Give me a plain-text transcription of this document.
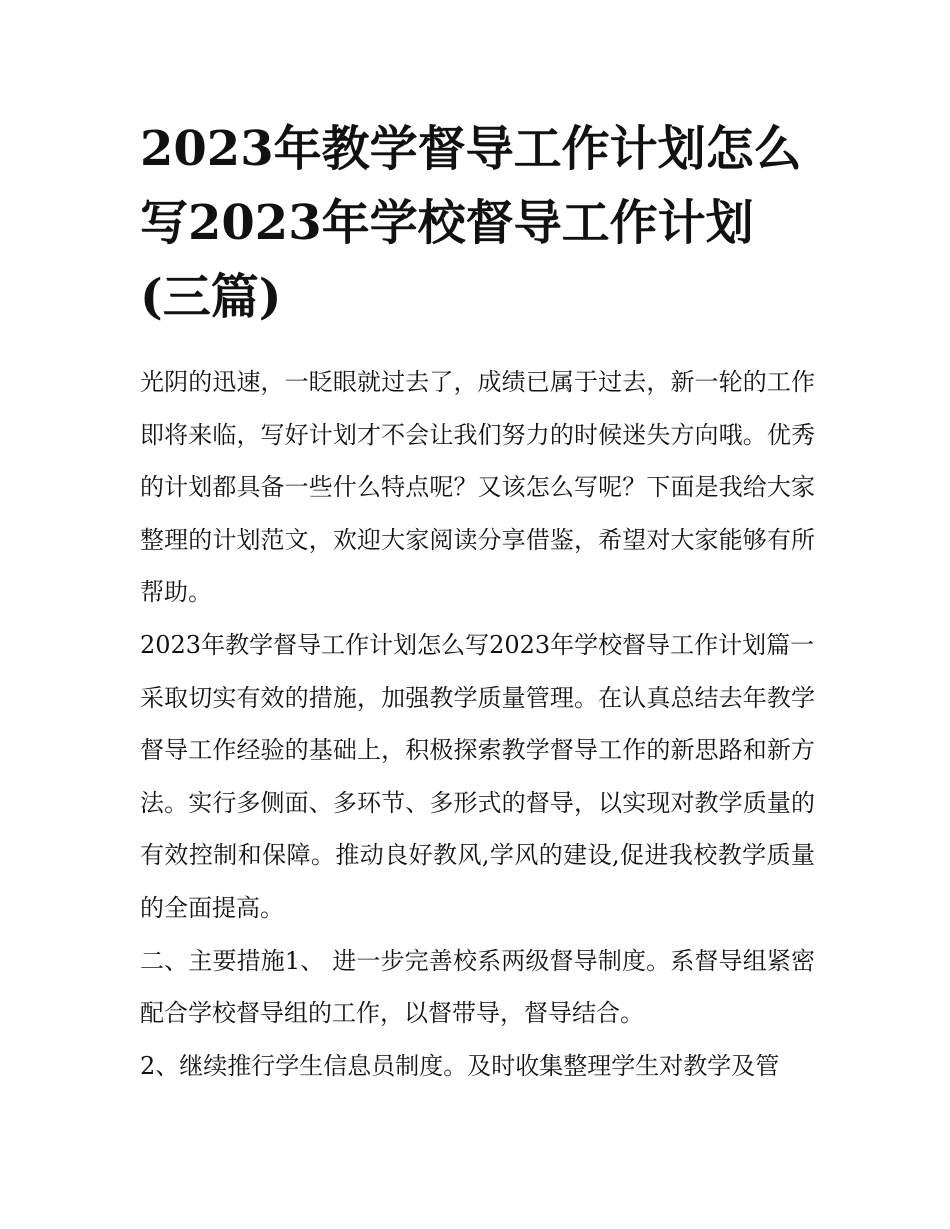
2023年教学督导工作计划怎么写2023年学校督导工作计划(三篇)

光阴的迅速，一眨眼就过去了，成绩已属于过去，新一轮的工作即将来临，写好计划才不会让我们努力的时候迷失方向哦。优秀的计划都具备一些什么特点呢？又该怎么写呢？下面是我给大家整理的计划范文，欢迎大家阅读分享借鉴，希望对大家能够有所帮助。

2023年教学督导工作计划怎么写2023年学校督导工作计划篇一

采取切实有效的措施，加强教学质量管理。在认真总结去年教学督导工作经验的基础上，积极探索教学督导工作的新思路和新方法。实行多侧面、多环节、多形式的督导，以实现对教学质量的有效控制和保障。推动良好教风,学风的建设,促进我校教学质量的全面提高。

二、主要措施1、 进一步完善校系两级督导制度。系督导组紧密配合学校督导组的工作，以督带导，督导结合。

2、继续推行学生信息员制度。及时收集整理学生对教学及管
